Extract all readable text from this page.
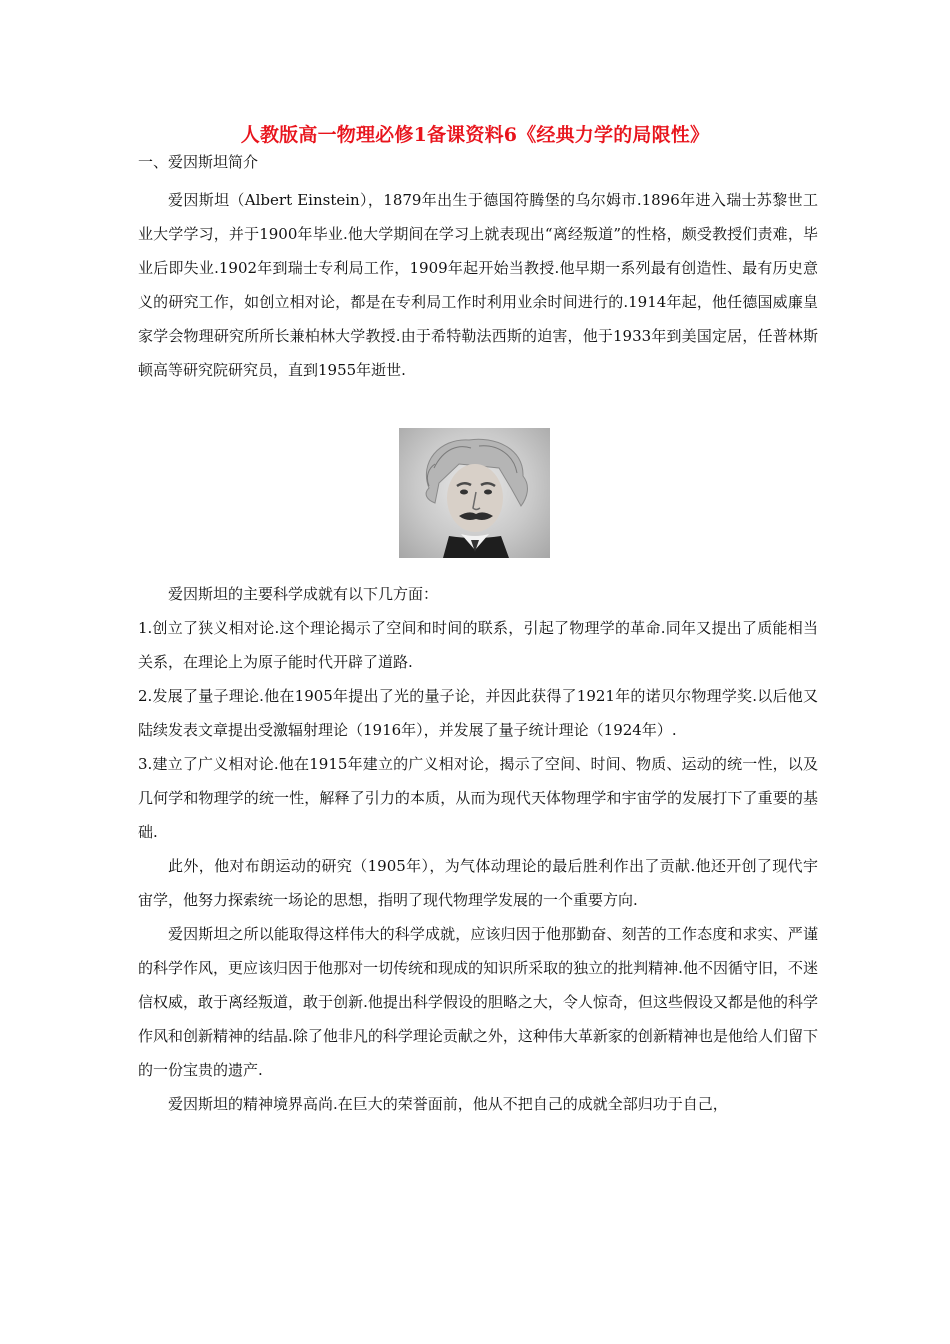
人教版高一物理必修1备课资料6《经典力学的局限性》
一、爱因斯坦简介

爱因斯坦（Albert Einstein），1879年出生于德国符腾堡的乌尔姆市.1896年进入瑞士苏黎世工业大学学习，并于1900年毕业.他大学期间在学习上就表现出“离经叛道”的性格，颇受教授们责难，毕业后即失业.1902年到瑞士专利局工作，1909年起开始当教授.他早期一系列最有创造性、最有历史意义的研究工作，如创立相对论，都是在专利局工作时利用业余时间进行的.1914年起，他任德国威廉皇家学会物理研究所所长兼柏林大学教授.由于希特勒法西斯的迫害，他于1933年到美国定居，任普林斯顿高等研究院研究员，直到1955年逝世.

爱因斯坦的主要科学成就有以下几方面：

1.创立了狭义相对论.这个理论揭示了空间和时间的联系，引起了物理学的革命.同年又提出了质能相当关系，在理论上为原子能时代开辟了道路.

2.发展了量子理论.他在1905年提出了光的量子论，并因此获得了1921年的诺贝尔物理学奖.以后他又陆续发表文章提出受激辐射理论（1916年），并发展了量子统计理论（1924年）.

3.建立了广义相对论.他在1915年建立的广义相对论，揭示了空间、时间、物质、运动的统一性，以及几何学和物理学的统一性，解释了引力的本质，从而为现代天体物理学和宇宙学的发展打下了重要的基础.

此外，他对布朗运动的研究（1905年），为气体动理论的最后胜利作出了贡献.他还开创了现代宇宙学，他努力探索统一场论的思想，指明了现代物理学发展的一个重要方向.

爱因斯坦之所以能取得这样伟大的科学成就，应该归因于他那勤奋、刻苦的工作态度和求实、严谨的科学作风，更应该归因于他那对一切传统和现成的知识所采取的独立的批判精神.他不因循守旧，不迷信权威，敢于离经叛道，敢于创新.他提出科学假设的胆略之大，令人惊奇，但这些假设又都是他的科学作风和创新精神的结晶.除了他非凡的科学理论贡献之外，这种伟大革新家的创新精神也是他给人们留下的一份宝贵的遗产.

爱因斯坦的精神境界高尚.在巨大的荣誉面前，他从不把自己的成就全部归功于自己，
